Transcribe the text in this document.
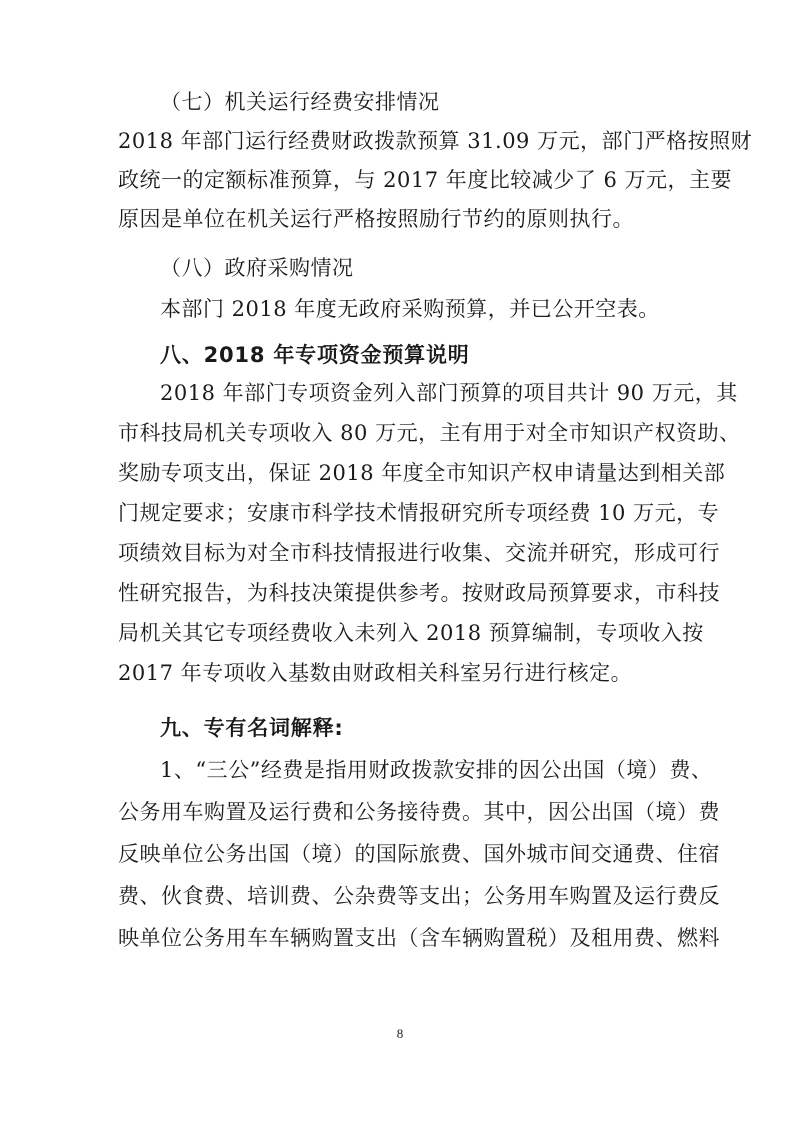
（七）机关运行经费安排情况
2018 年部门运行经费财政拨款预算 31.09 万元，部门严格按照财
政统一的定额标准预算，与 2017 年度比较减少了 6 万元，主要
原因是单位在机关运行严格按照励行节约的原则执行。
（八）政府采购情况
本部门 2018 年度无政府采购预算，并已公开空表。
八、2018 年专项资金预算说明
2018 年部门专项资金列入部门预算的项目共计 90 万元，其
市科技局机关专项收入 80 万元，主有用于对全市知识产权资助、
奖励专项支出，保证 2018 年度全市知识产权申请量达到相关部
门规定要求；安康市科学技术情报研究所专项经费 10 万元，专
项绩效目标为对全市科技情报进行收集、交流并研究，形成可行
性研究报告，为科技决策提供参考。按财政局预算要求，市科技
局机关其它专项经费收入未列入 2018 预算编制，专项收入按
2017 年专项收入基数由财政相关科室另行进行核定。
九、专有名词解释:
1、“三公”经费是指用财政拨款安排的因公出国（境）费、
公务用车购置及运行费和公务接待费。其中，因公出国（境）费
反映单位公务出国（境）的国际旅费、国外城市间交通费、住宿
费、伙食费、培训费、公杂费等支出；公务用车购置及运行费反
映单位公务用车车辆购置支出（含车辆购置税）及租用费、燃料
8
